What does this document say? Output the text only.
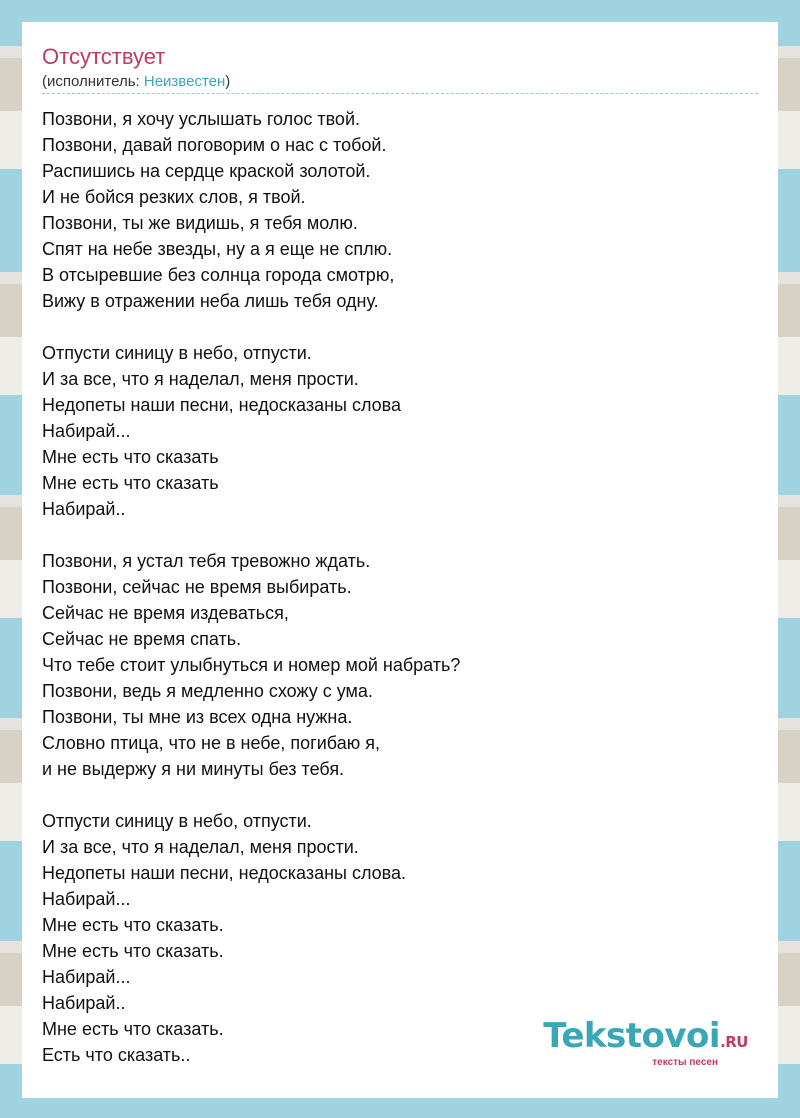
Отсутствует
(исполнитель: Неизвестен)
Позвони, я хочу услышать голос твой.
Позвони, давай поговорим о нас с тобой.
Распишись на сердце краской золотой.
И не бойся резких слов, я твой.
Позвони, ты же видишь, я тебя молю.
Спят на небе звезды, ну а я еще не сплю.
В отсыревшие без солнца города смотрю,
Вижу в отражении неба лишь тебя одну.
Отпусти синицу в небо, отпусти.
И за все, что я наделал, меня прости.
Недопеты наши песни, недосказаны слова
Набирай...
Мне есть что сказать
Мне есть что сказать
Набирай..
Позвони, я устал тебя тревожно ждать.
Позвони, сейчас не время выбирать.
Сейчас не время издеваться,
Сейчас не время спать.
Что тебе стоит улыбнуться и номер мой набрать?
Позвони, ведь я медленно схожу с ума.
Позвони, ты мне из всех одна нужна.
Словно птица, что не в небе, погибаю я,
и не выдержу я ни минуты без тебя.
Отпусти синицу в небо, отпусти.
И за все, что я наделал, меня прости.
Недопеты наши песни, недосказаны слова.
Набирай...
Мне есть что сказать.
Мне есть что сказать.
Набирай...
Набирай..
Мне есть что сказать.
Есть что сказать..	Tekstovoi.RU
тексты песен
